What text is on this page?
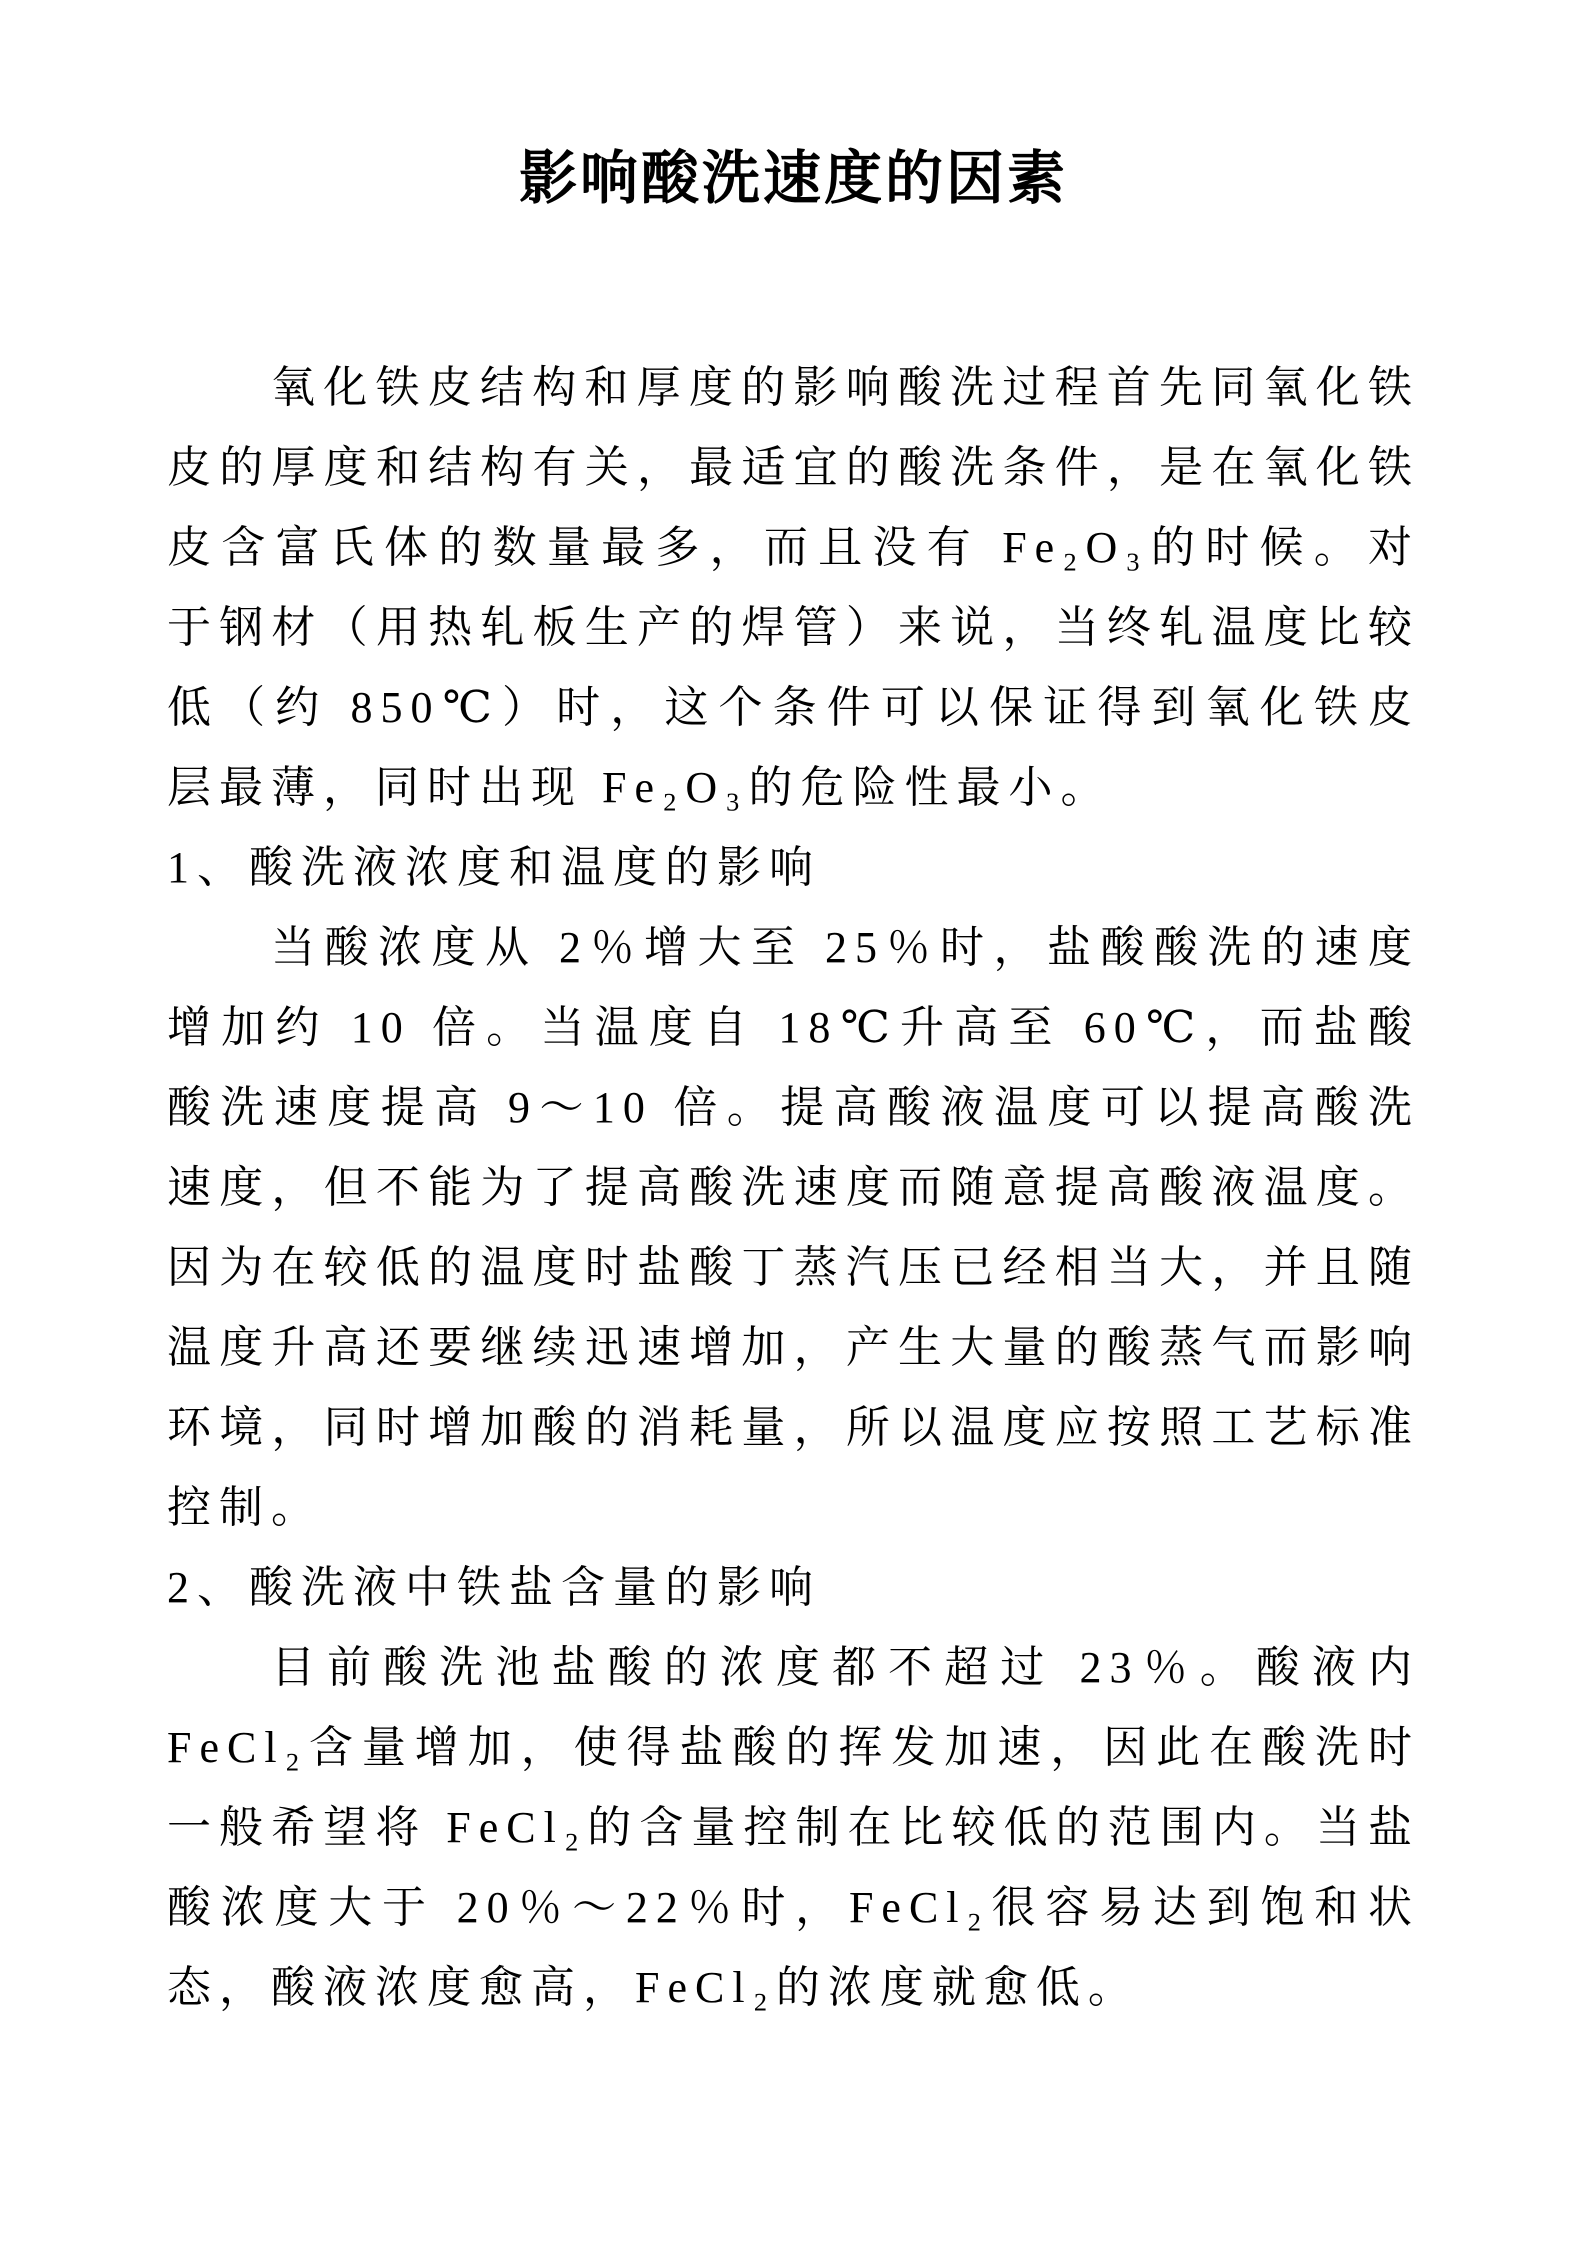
影响酸洗速度的因素

氧化铁皮结构和厚度的影响酸洗过程首先同氧化铁皮的厚度和结构有关，最适宜的酸洗条件，是在氧化铁皮含富氏体的数量最多，而且没有 Fe₂O₃的时候。对于钢材（用热轧板生产的焊管）来说，当终轧温度比较低（约 850℃）时，这个条件可以保证得到氧化铁皮层最薄，同时出现 Fe₂O₃的危险性最小。

1、酸洗液浓度和温度的影响

当酸浓度从 2％增大至 25％时，盐酸酸洗的速度增加约 10 倍。当温度自 18℃升高至 60℃，而盐酸酸洗速度提高 9～10 倍。提高酸液温度可以提高酸洗速度，但不能为了提高酸洗速度而随意提高酸液温度。因为在较低的温度时盐酸丁蒸汽压已经相当大，并且随温度升高还要继续迅速增加，产生大量的酸蒸气而影响环境，同时增加酸的消耗量，所以温度应按照工艺标准控制。

2、酸洗液中铁盐含量的影响

目前酸洗池盐酸的浓度都不超过 23％。酸液内 FeCl₂含量增加，使得盐酸的挥发加速，因此在酸洗时一般希望将 FeCl₂的含量控制在比较低的范围内。当盐酸浓度大于 20％～22％时，FeCl₂很容易达到饱和状态，酸液浓度愈高，FeCl₂的浓度就愈低。
